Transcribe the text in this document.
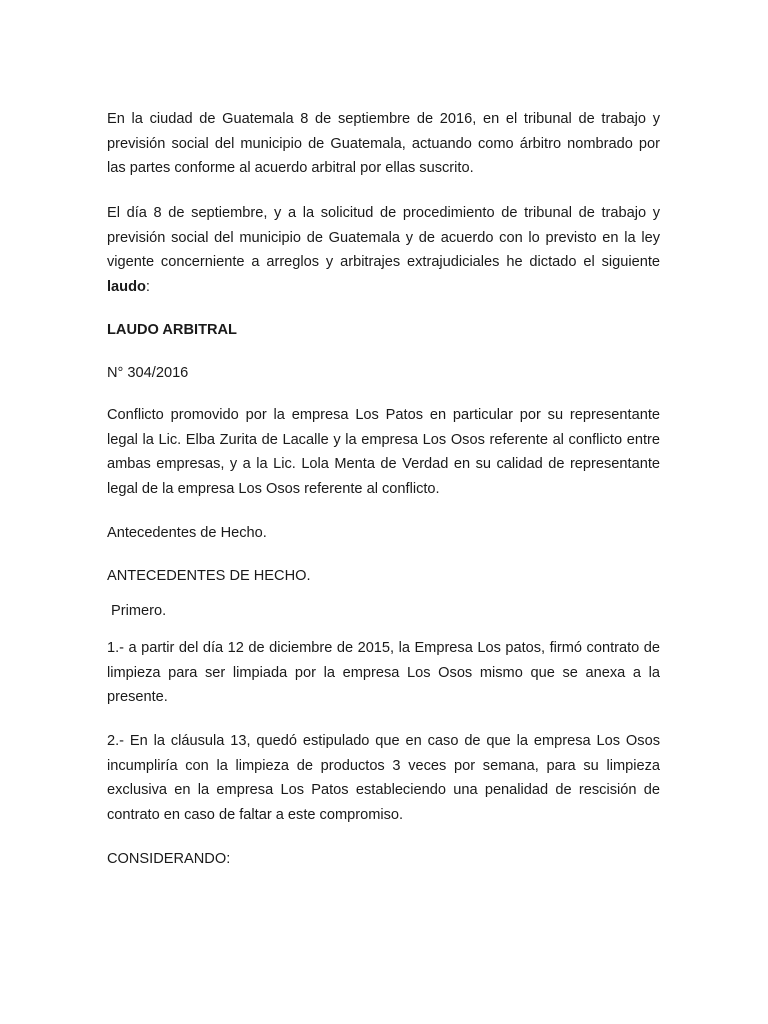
En la ciudad de Guatemala 8 de septiembre de 2016, en el tribunal de trabajo y previsión social del municipio de Guatemala, actuando como árbitro nombrado por las partes conforme al acuerdo arbitral por ellas suscrito.

El día 8 de septiembre, y a la solicitud de procedimiento de tribunal de trabajo y previsión social del municipio de Guatemala y de acuerdo con lo previsto en la ley vigente concerniente a arreglos y arbitrajes extrajudiciales he dictado el siguiente laudo:

LAUDO ARBITRAL

N° 304/2016

Conflicto promovido por la empresa Los Patos en particular por su representante legal la Lic. Elba Zurita de Lacalle y la empresa Los Osos referente al conflicto entre ambas empresas, y a la Lic. Lola Menta de Verdad en su calidad de representante legal de la empresa Los Osos referente al conflicto.

Antecedentes de Hecho.

ANTECEDENTES DE HECHO.

Primero.

1.- a partir del día 12 de diciembre de 2015, la Empresa Los patos, firmó contrato de limpieza para ser limpiada por la empresa Los Osos mismo que se anexa a la presente.

2.- En la cláusula 13, quedó estipulado que en caso de que la empresa Los Osos incumpliría con la limpieza de productos 3 veces por semana, para su limpieza exclusiva en la empresa Los Patos estableciendo una penalidad de rescisión de contrato en caso de faltar a este compromiso.

CONSIDERANDO:
